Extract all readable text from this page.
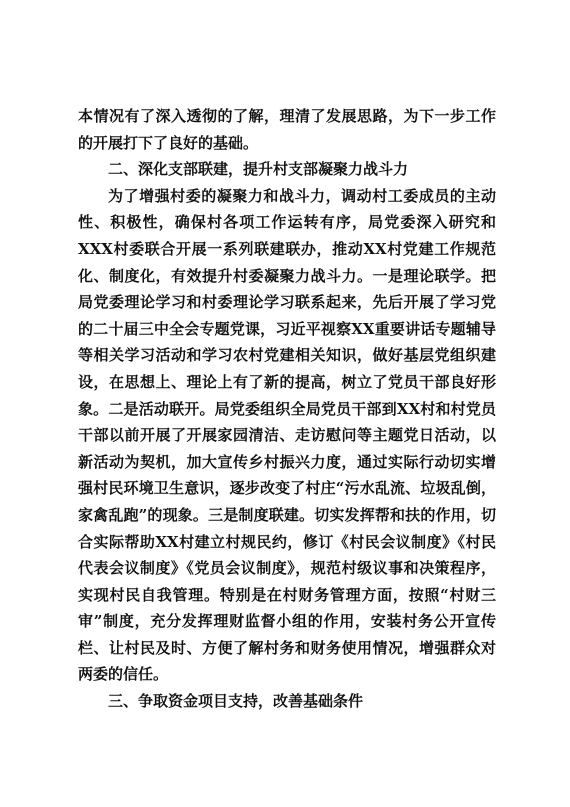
本情况有了深入透彻的了解，理清了发展思路，为下一步工作的开展打下了良好的基础。

二、深化支部联建，提升村支部凝聚力战斗力

为了增强村委的凝聚力和战斗力，调动村工委成员的主动性、积极性，确保村各项工作运转有序，局党委深入研究和XXX村委联合开展一系列联建联办，推动XX村党建工作规范化、制度化，有效提升村委凝聚力战斗力。一是理论联学。把局党委理论学习和村委理论学习联系起来，先后开展了学习党的二十届三中全会专题党课，习近平视察XX重要讲话专题辅导等相关学习活动和学习农村党建相关知识，做好基层党组织建设，在思想上、理论上有了新的提高，树立了党员干部良好形象。二是活动联开。局党委组织全局党员干部到XX村和村党员干部以前开展了开展家园清洁、走访慰问等主题党日活动，以新活动为契机，加大宣传乡村振兴力度，通过实际行动切实增强村民环境卫生意识，逐步改变了村庄“污水乱流、垃圾乱倒，家禽乱跑”的现象。三是制度联建。切实发挥帮和扶的作用，切合实际帮助XX村建立村规民约，修订《村民会议制度》《村民代表会议制度》《党员会议制度》，规范村级议事和决策程序，实现村民自我管理。特别是在村财务管理方面，按照“村财三审”制度，充分发挥理财监督小组的作用，安装村务公开宣传栏、让村民及时、方便了解村务和财务使用情况，增强群众对两委的信任。

三、争取资金项目支持，改善基础条件
